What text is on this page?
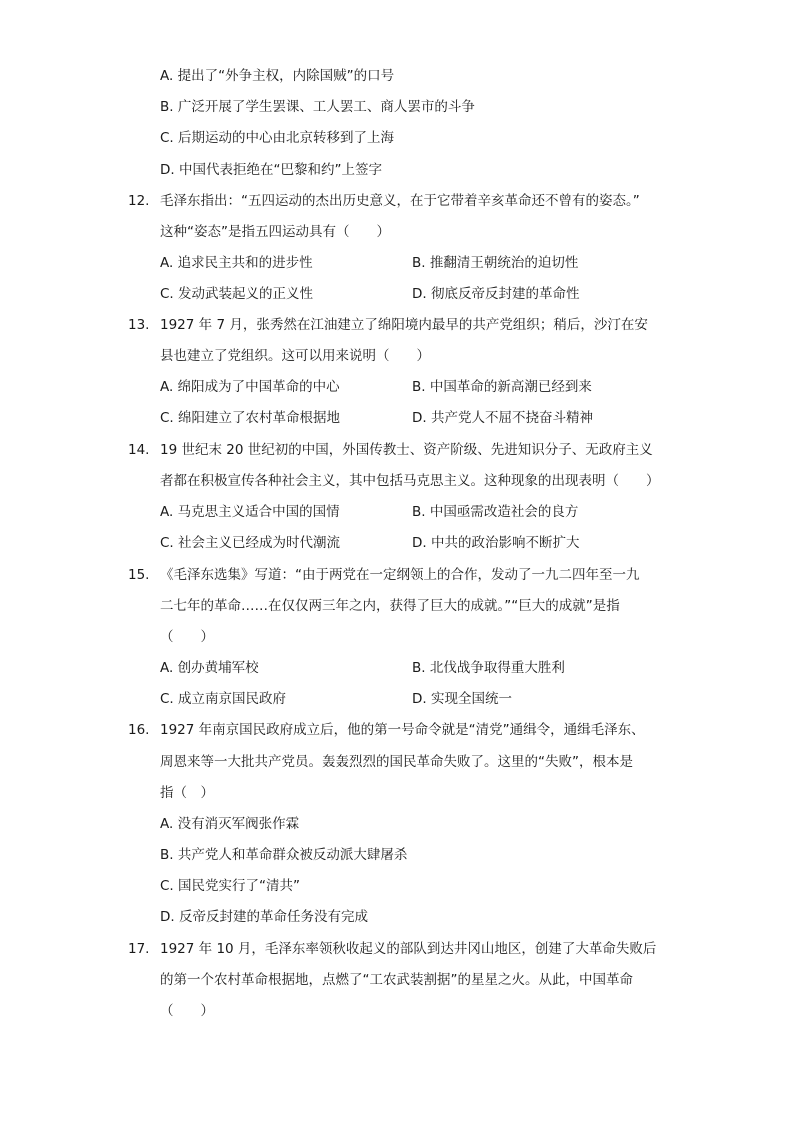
A. 提出了“外争主权，内除国贼”的口号
B. 广泛开展了学生罢课、工人罢工、商人罢市的斗争
C. 后期运动的中心由北京转移到了上海
D. 中国代表拒绝在“巴黎和约”上签字
12. 毛泽东指出：“五四运动的杰出历史意义，在于它带着辛亥革命还不曾有的姿态。”
这种“姿态”是指五四运动具有（　　）
A. 追求民主共和的进步性	B. 推翻清王朝统治的迫切性
C. 发动武装起义的正义性	D. 彻底反帝反封建的革命性
13. 1927 年 7 月，张秀然在江油建立了绵阳境内最早的共产党组织；稍后，沙汀在安
县也建立了党组织。这可以用来说明（　　）
A. 绵阳成为了中国革命的中心	B. 中国革命的新高潮已经到来
C. 绵阳建立了农村革命根据地	D. 共产党人不屈不挠奋斗精神
14. 19 世纪末 20 世纪初的中国，外国传教士、资产阶级、先进知识分子、无政府主义
者都在积极宣传各种社会主义，其中包括马克思主义。这种现象的出现表明（　　）
A. 马克思主义适合中国的国情	B. 中国亟需改造社会的良方
C. 社会主义已经成为时代潮流	D. 中共的政治影响不断扩大
15. 《毛泽东选集》写道：“由于两党在一定纲领上的合作，发动了一九二四年至一九
二七年的革命……在仅仅两三年之内，获得了巨大的成就。”“巨大的成就”是指
（　　）
A. 创办黄埔军校	B. 北伐战争取得重大胜利
C. 成立南京国民政府	D. 实现全国统一
16. 1927 年南京国民政府成立后，他的第一号命令就是“清党”通缉令，通缉毛泽东、
周恩来等一大批共产党员。轰轰烈烈的国民革命失败了。这里的“失败”，根本是
指（　）
A. 没有消灭军阀张作霖
B. 共产党人和革命群众被反动派大肆屠杀
C. 国民党实行了“清共”
D. 反帝反封建的革命任务没有完成
17. 1927 年 10 月，毛泽东率领秋收起义的部队到达井冈山地区，创建了大革命失败后
的第一个农村革命根据地，点燃了“工农武装割据”的星星之火。从此，中国革命
（　　）
